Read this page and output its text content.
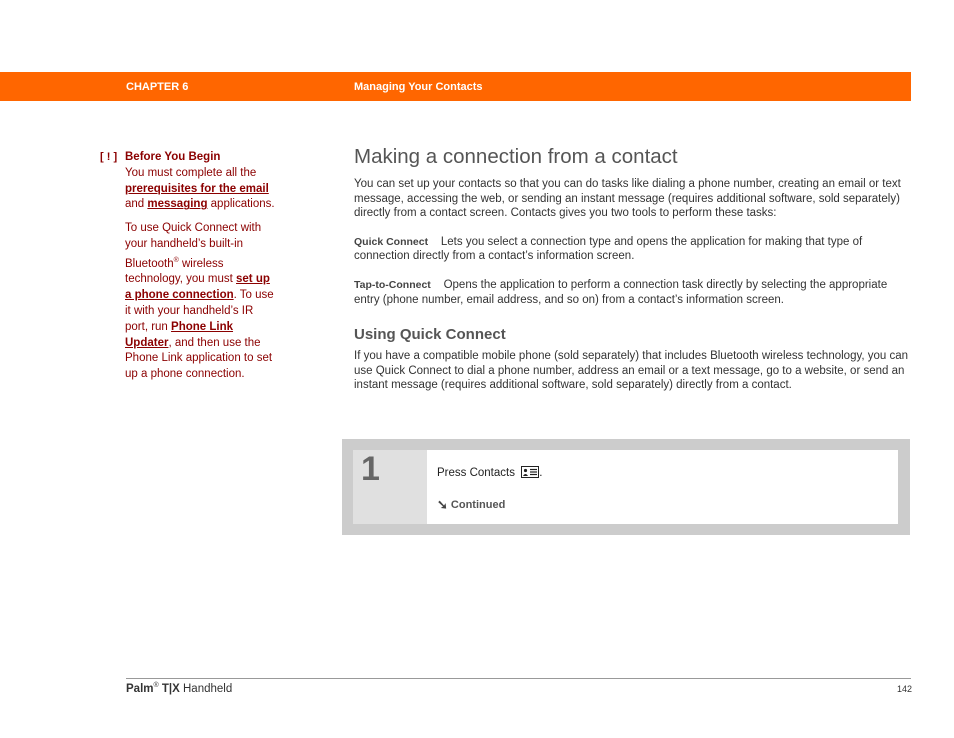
CHAPTER 6	Managing Your Contacts
[ ! ] Before You Begin

You must complete all the prerequisites for the email and messaging applications.

To use Quick Connect with your handheld’s built-in Bluetooth® wireless technology, you must set up a phone connection. To use it with your handheld’s IR port, run Phone Link Updater, and then use the Phone Link application to set up a phone connection.

Making a connection from a contact

You can set up your contacts so that you can do tasks like dialing a phone number, creating an email or text message, accessing the web, or sending an instant message (requires additional software, sold separately) directly from a contact screen. Contacts gives you two tools to perform these tasks:

Quick Connect Lets you select a connection type and opens the application for making that type of connection directly from a contact’s information screen.

Tap-to-Connect Opens the application to perform a connection task directly by selecting the appropriate entry (phone number, email address, and so on) from a contact’s information screen.

Using Quick Connect

If you have a compatible mobile phone (sold separately) that includes Bluetooth wireless technology, you can use Quick Connect to dial a phone number, address an email or a text message, go to a website, or send an instant message (requires additional software, sold separately) directly from a contact.

1	Press Contacts .
➘ Continued
Palm® T|X Handheld	142
